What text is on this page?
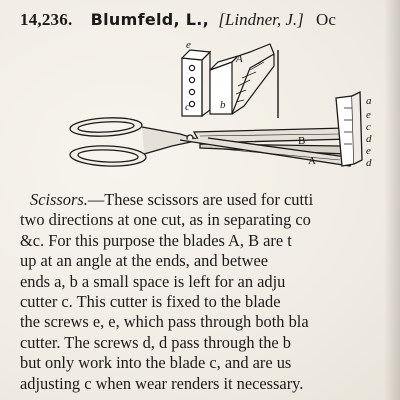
14,236. Blumfeld, L., [Lindner, J.] Oc
e
A
c	b	a
e
c
d
e
d
B
A
Scissors.—These scissors are used for cutti
two directions at one cut, as in separating co
&c. For this purpose the blades A, B are t
up at an angle at the ends, and betwee
ends a, b a small space is left for an adju
cutter c. This cutter is fixed to the blade
the screws e, e, which pass through both bla
cutter. The screws d, d pass through the b
but only work into the blade c, and are us
adjusting c when wear renders it necessary.
